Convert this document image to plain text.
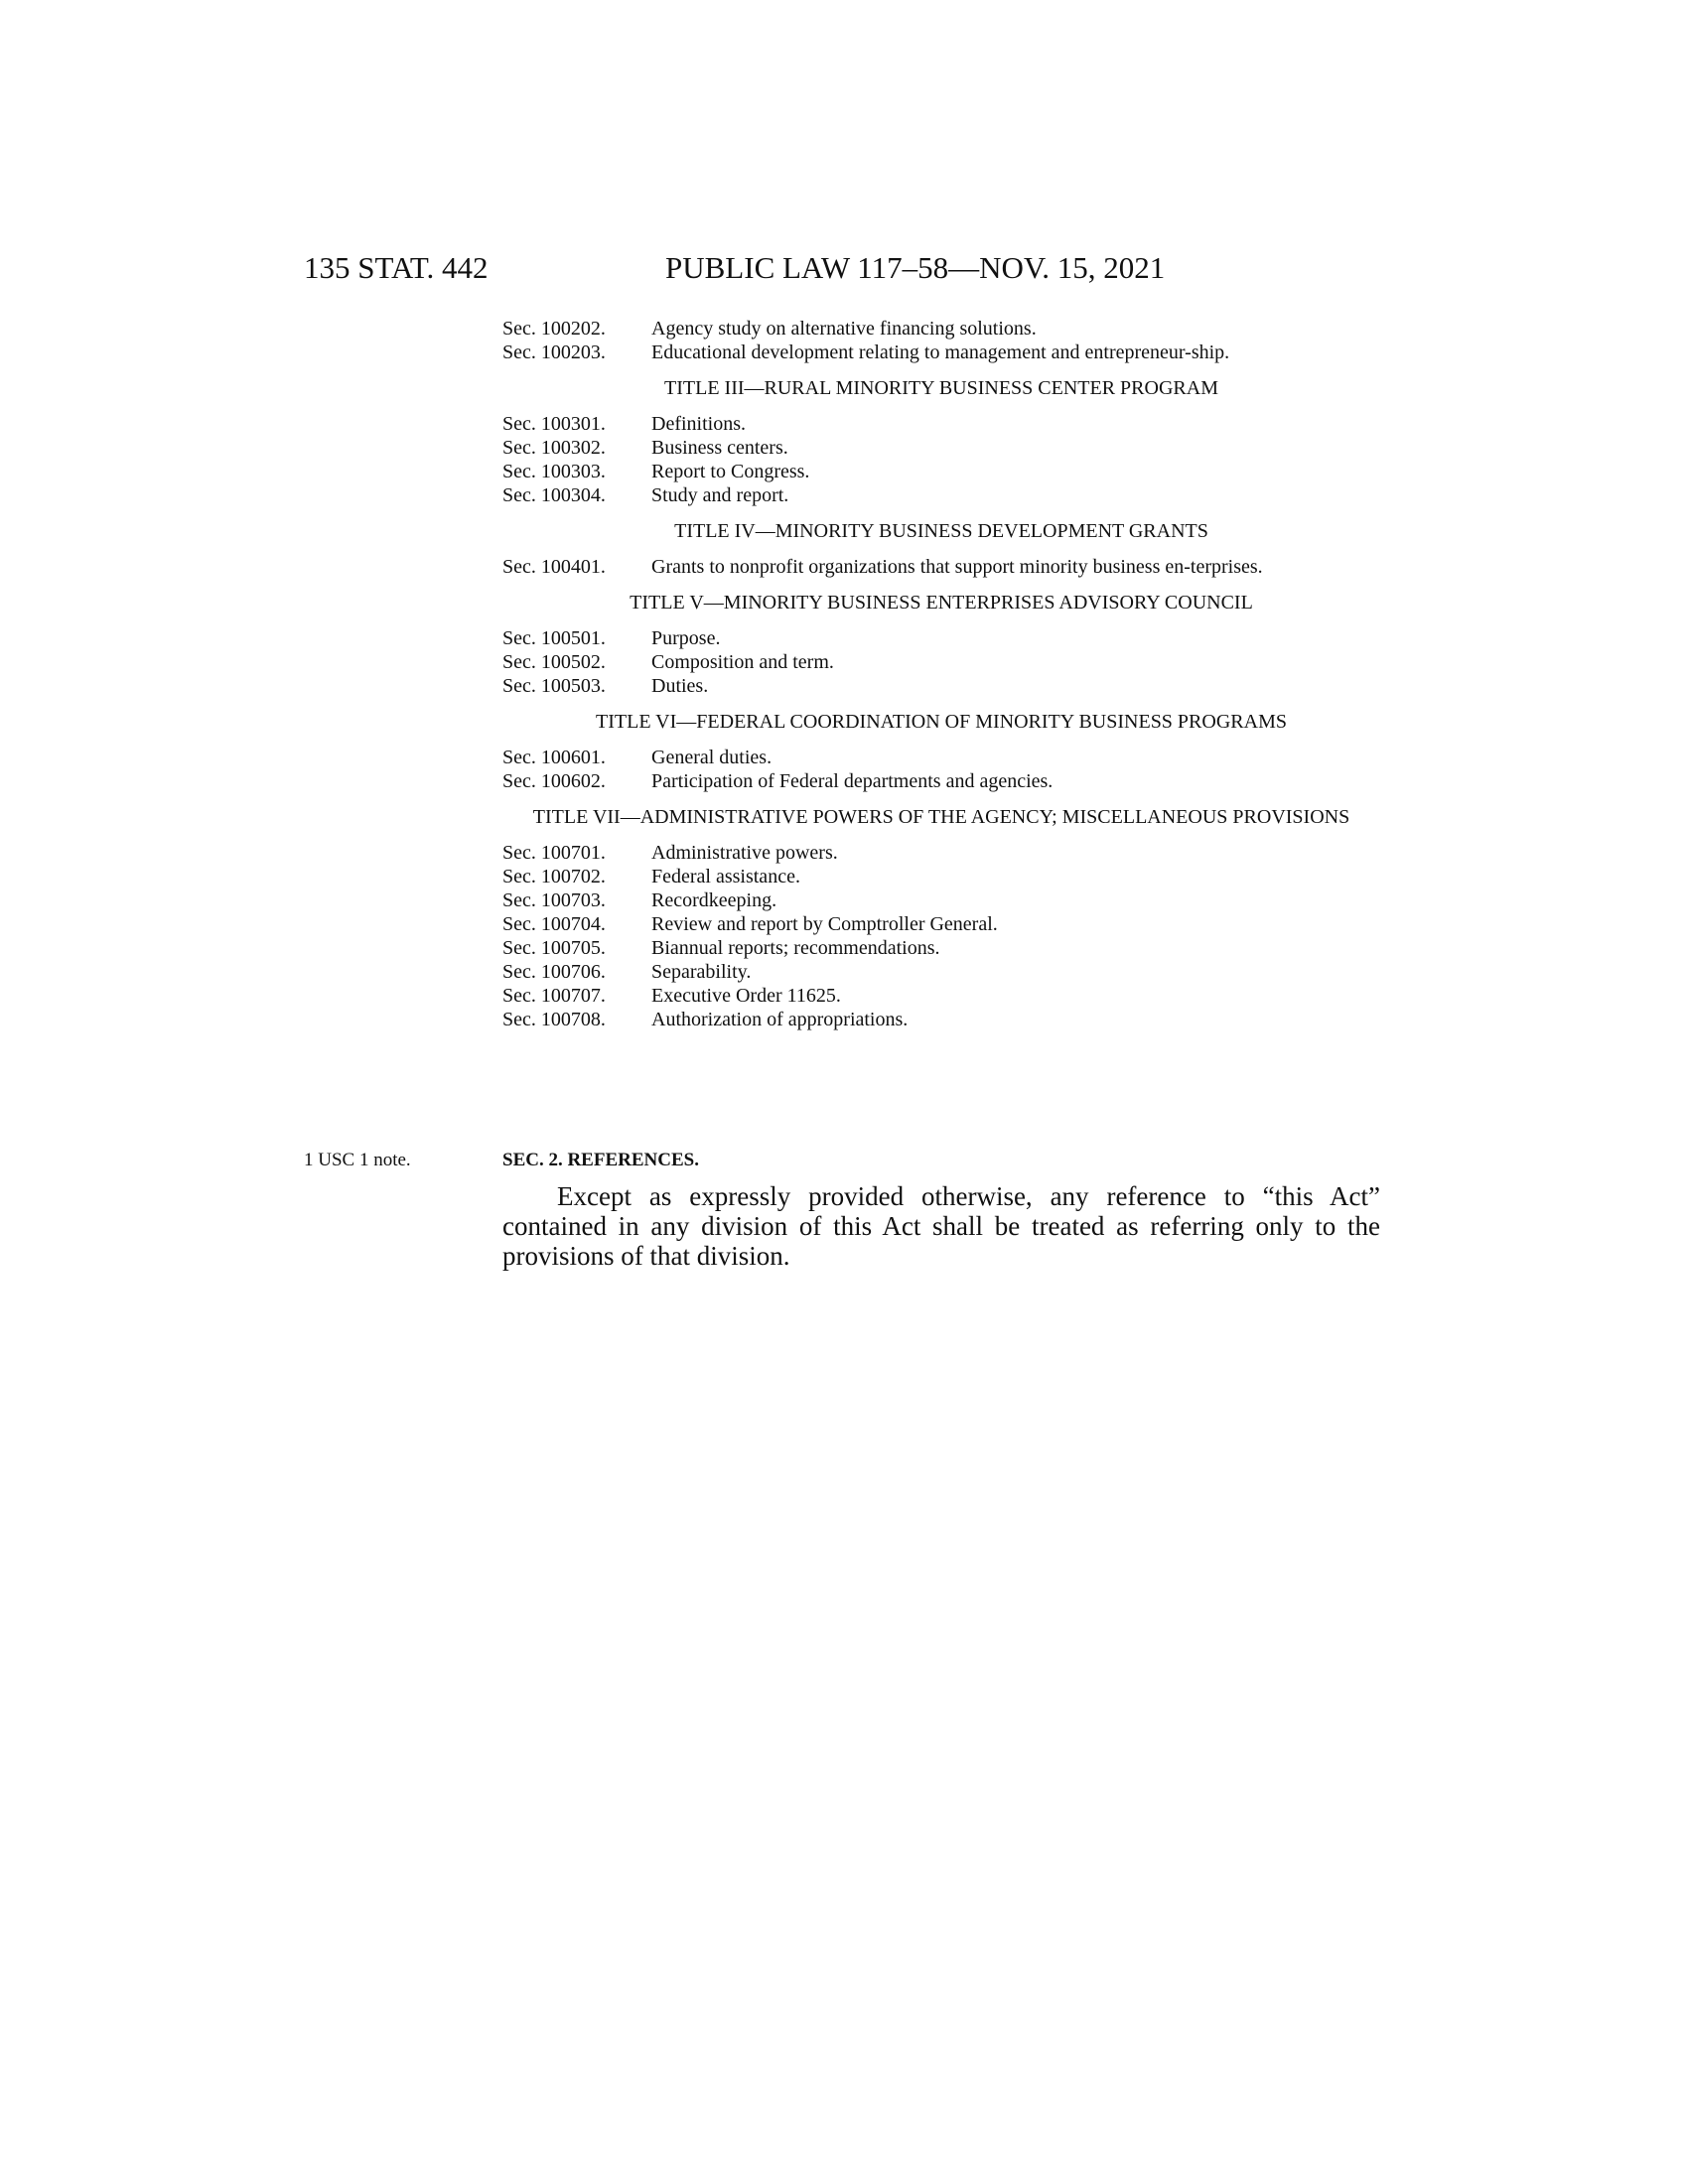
135 STAT. 442	PUBLIC LAW 117–58—NOV. 15, 2021
Sec. 100202. Agency study on alternative financing solutions.
Sec. 100203. Educational development relating to management and entrepreneur-ship.
TITLE III—RURAL MINORITY BUSINESS CENTER PROGRAM
Sec. 100301. Definitions.
Sec. 100302. Business centers.
Sec. 100303. Report to Congress.
Sec. 100304. Study and report.
TITLE IV—MINORITY BUSINESS DEVELOPMENT GRANTS
Sec. 100401. Grants to nonprofit organizations that support minority business en-terprises.
TITLE V—MINORITY BUSINESS ENTERPRISES ADVISORY COUNCIL
Sec. 100501. Purpose.
Sec. 100502. Composition and term.
Sec. 100503. Duties.
TITLE VI—FEDERAL COORDINATION OF MINORITY BUSINESS PROGRAMS
Sec. 100601. General duties.
Sec. 100602. Participation of Federal departments and agencies.
TITLE VII—ADMINISTRATIVE POWERS OF THE AGENCY; MISCELLANEOUS PROVISIONS
Sec. 100701. Administrative powers.
Sec. 100702. Federal assistance.
Sec. 100703. Recordkeeping.
Sec. 100704. Review and report by Comptroller General.
Sec. 100705. Biannual reports; recommendations.
Sec. 100706. Separability.
Sec. 100707. Executive Order 11625.
Sec. 100708. Authorization of appropriations.
1 USC 1 note.	SEC. 2. REFERENCES.

Except as expressly provided otherwise, any reference to “this Act” contained in any division of this Act shall be treated as referring only to the provisions of that division.
